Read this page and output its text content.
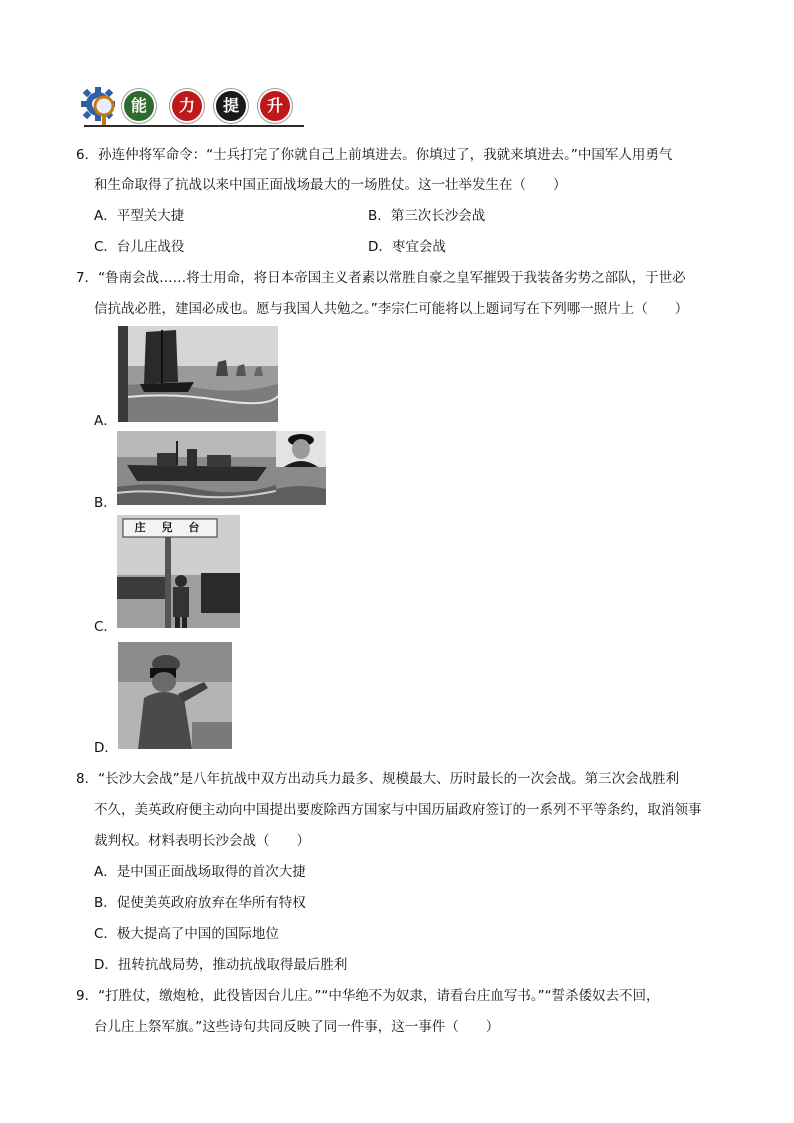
能	力	提	升
6．孙连仲将军命令：“士兵打完了你就自己上前填进去。你填过了，我就来填进去。”中国军人用勇气
和生命取得了抗战以来中国正面战场最大的一场胜仗。这一壮举发生在（　　）
A．平型关大捷	B．第三次长沙会战
C．台儿庄战役	D．枣宜会战
7．“鲁南会战……将士用命，将日本帝国主义者素以常胜自豪之皇军摧毁于我装备劣势之部队，于世必
信抗战必胜，建国必成也。愿与我国人共勉之。”李宗仁可能将以上题词写在下列哪一照片上（　　）
A．
B．
庄 兒 台
C．
D．
8．“长沙大会战”是八年抗战中双方出动兵力最多、规模最大、历时最长的一次会战。第三次会战胜利
不久，美英政府便主动向中国提出要废除西方国家与中国历届政府签订的一系列不平等条约，取消领事
裁判权。材料表明长沙会战（　　）
A．是中国正面战场取得的首次大捷
B．促使美英政府放弃在华所有特权
C．极大提高了中国的国际地位
D．扭转抗战局势，推动抗战取得最后胜利
9．“打胜仗，缴炮枪，此役皆因台儿庄。”“中华绝不为奴隶，请看台庄血写书。”“誓杀倭奴去不回，
台儿庄上祭军旗。”这些诗句共同反映了同一件事，这一事件（　　）
